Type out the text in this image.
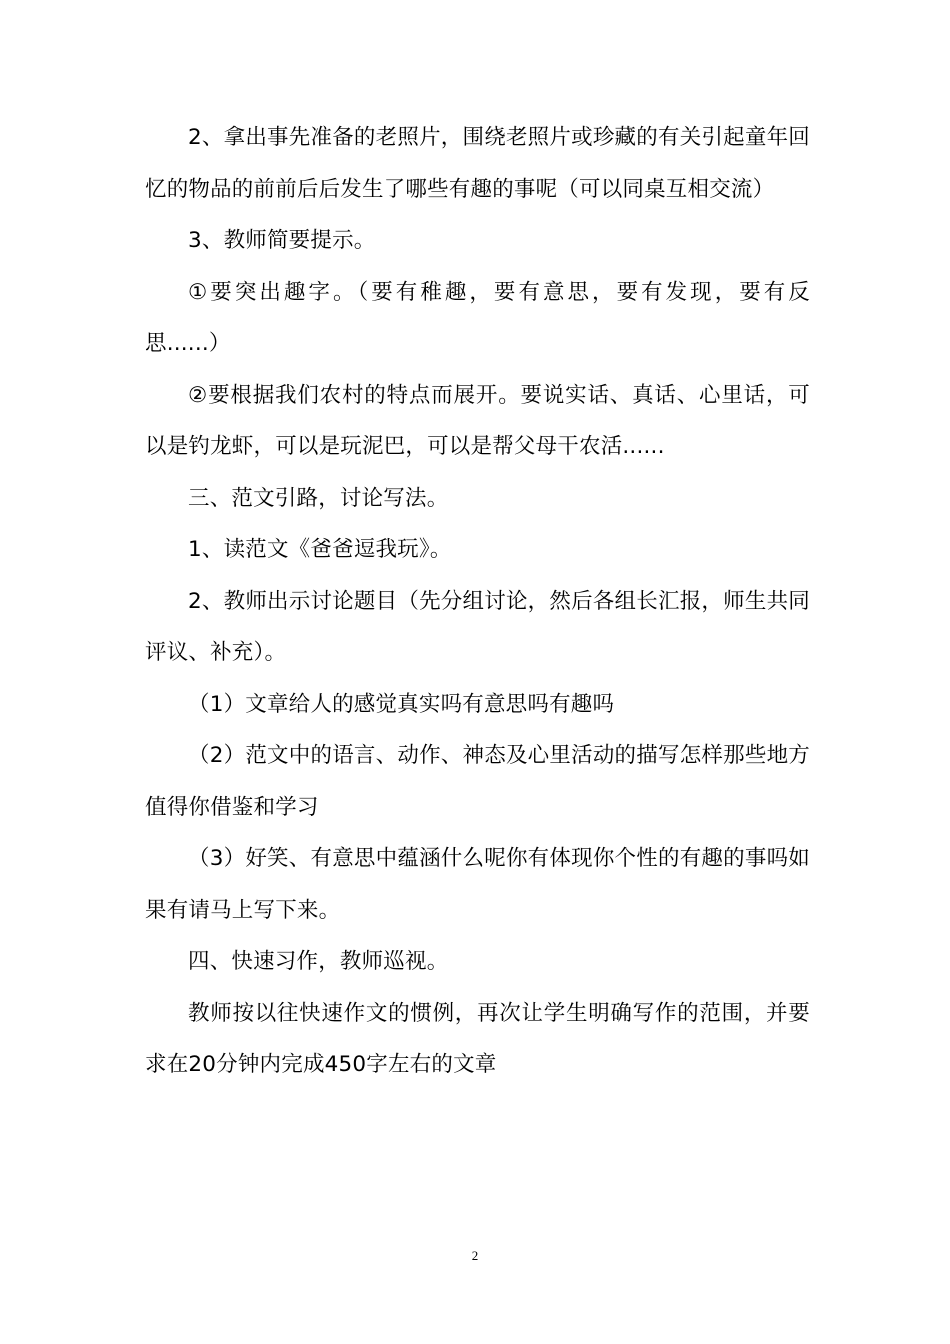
2、拿出事先准备的老照片，围绕老照片或珍藏的有关引起童年回忆的物品的前前后后发生了哪些有趣的事呢（可以同桌互相交流）

3、教师简要提示。

①要突出趣字。（要有稚趣，要有意思，要有发现，要有反思......）

②要根据我们农村的特点而展开。要说实话、真话、心里话，可以是钓龙虾，可以是玩泥巴，可以是帮父母干农活......

三、范文引路，讨论写法。

1、读范文《爸爸逗我玩》。

2、教师出示讨论题目（先分组讨论，然后各组长汇报，师生共同评议、补充）。

（1）文章给人的感觉真实吗有意思吗有趣吗

（2）范文中的语言、动作、神态及心里活动的描写怎样那些地方值得你借鉴和学习

（3）好笑、有意思中蕴涵什么呢你有体现你个性的有趣的事吗如果有请马上写下来。

四、快速习作，教师巡视。

教师按以往快速作文的惯例，再次让学生明确写作的范围，并要求在20分钟内完成450字左右的文章

2
